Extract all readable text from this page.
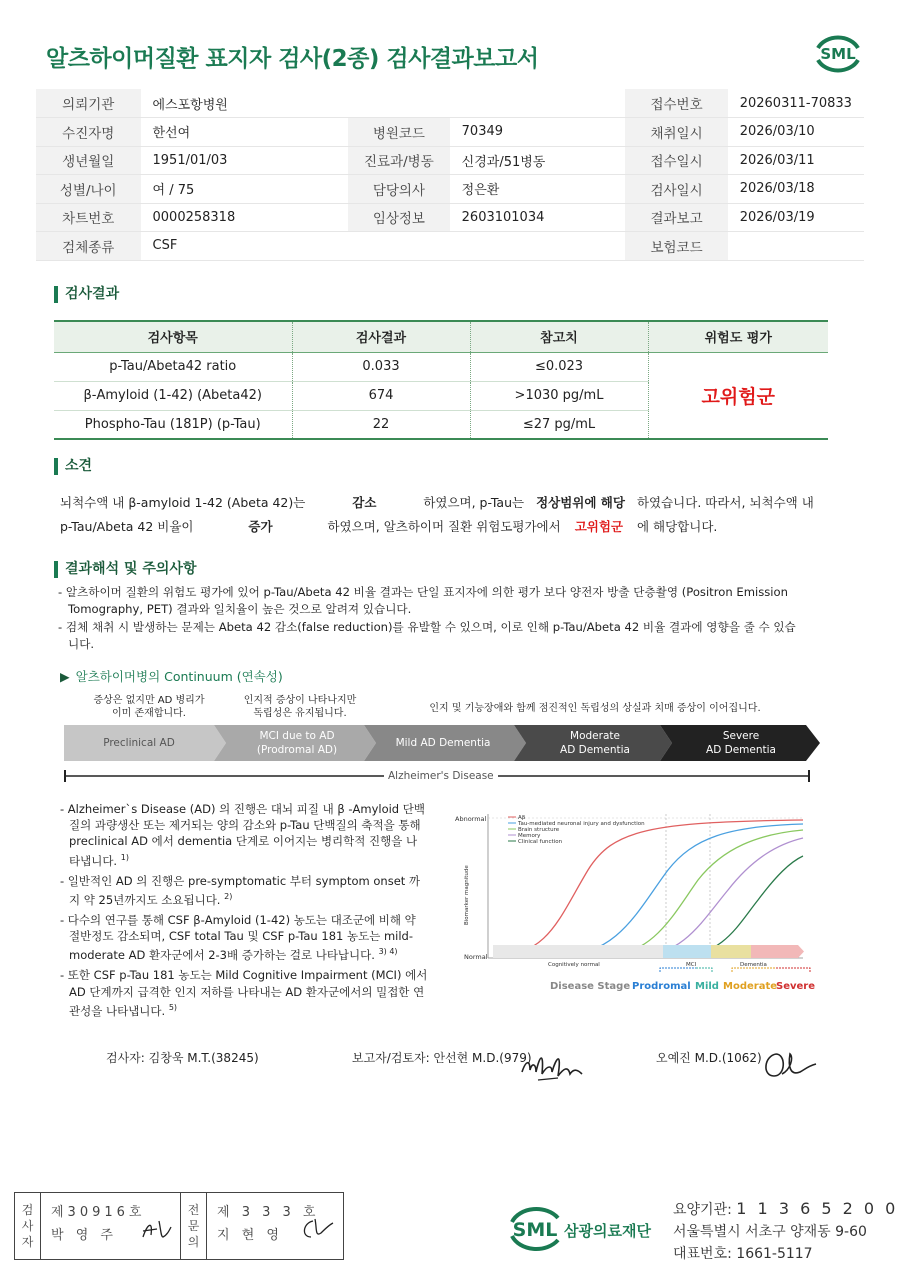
알츠하이머질환 표지자 검사(2종) 검사결과보고서	SML
의뢰기관	에스포항병원			접수번호	20260311-70833
수진자명	한선여	병원코드	70349	채취일시	2026/03/10
생년월일	1951/01/03	진료과/병동	신경과/51병동	접수일시	2026/03/11
성별/나이	여 / 75	담당의사	정은환	검사일시	2026/03/18
차트번호	0000258318	임상정보	2603101034	결과보고	2026/03/19
검체종류	CSF			보험코드	
검사결과
검사항목	검사결과	참고치	위험도 평가
p-Tau/Abeta42 ratio	0.033	≤0.023	고위험군
β-Amyloid (1-42) (Abeta42)	674	>1030 pg/mL	
Phospho-Tau (181P) (p-Tau)	22	≤27 pg/mL	
소견
뇌척수액 내 β-amyloid 1-42 (Abeta 42)는	감소	하였으며, p-Tau는 정상범위에 해당 하였습니다. 따라서, 뇌척수액 내
p-Tau/Abeta 42 비율이	증가	하였으며, 알츠하이머 질환 위험도평가에서 고위험군 에 해당합니다.
결과해석 및 주의사항

- 알츠하이머 질환의 위험도 평가에 있어 p-Tau/Abeta 42 비율 결과는 단일 표지자에 의한 평가 보다 양전자 방출 단층촬영 (Positron Emission Tomography, PET) 결과와 일치율이 높은 것으로 알려져 있습니다.

- 검체 채취 시 발생하는 문제는 Abeta 42 감소(false reduction)를 유발할 수 있으며, 이로 인해 p-Tau/Abeta 42 비율 결과에 영향을 줄 수 있습니다.

▶ 알츠하이머병의 Continuum (연속성)
증상은 없지만 AD 병리가
이미 존재합니다.
인지적 증상이 나타나지만
독립성은 유지됩니다.	인지 및 기능장애와 함께 점진적인 독립성의 상실과 치매 증상이 이어집니다.
Preclinical AD
MCI due to AD
(Prodromal AD)
Mild AD Dementia
Moderate
AD Dementia
Severe
AD Dementia
Alzheimer's Disease

- Alzheimer`s Disease (AD) 의 진행은 대뇌 피질 내 β -Amyloid 단백질의 과량생산 또는 제거되는 양의 감소와 p-Tau 단백질의 축적을 통해 preclinical AD 에서 dementia 단계로 이어지는 병리학적 진행을 나타냅니다. $^{1)}$

- 일반적인 AD 의 진행은 pre-symptomatic 부터 symptom onset 까지 약 25년까지도 소요됩니다. $^{2)}$

- 다수의 연구를 통해 CSF β-Amyloid (1-42) 농도는 대조군에 비해 약 절반정도 감소되며, CSF total Tau 및 CSF p-Tau 181 농도는 mild-moderate AD 환자군에서 2-3배 증가하는 걸로 나타납니다. $^{3) 4)}$

- 또한 CSF p-Tau 181 농도는 Mild Cognitive Impairment (MCI) 에서 AD 단계까지 급격한 인지 저하를 나타내는 AD 환자군에서의 밀접한 연관성을 나타냅니다. $^{5)}$

Abnormal
Normal
Biomarker magnitude
Aβ
Tau-mediated neuronal injury and dysfunction
Brain structure
Memory
Clinical function
Cognitively normal	MCI	Dementia
Disease Stage Prodromal Mild Moderate
Severe
검사자: 김창욱 M.T.(38245)	보고자/검토자: 안선현 M.D.(979)	오예진 M.D.(1062)
검
사
자
제30916호
박 영 주
전
문
의
제 3 3 3 호
지 현 영	SML 삼광의료재단
요양기관: 1 1 3 6 5 2 0 0
서울특별시 서초구 양재동 9-60
대표번호: 1661-5117
